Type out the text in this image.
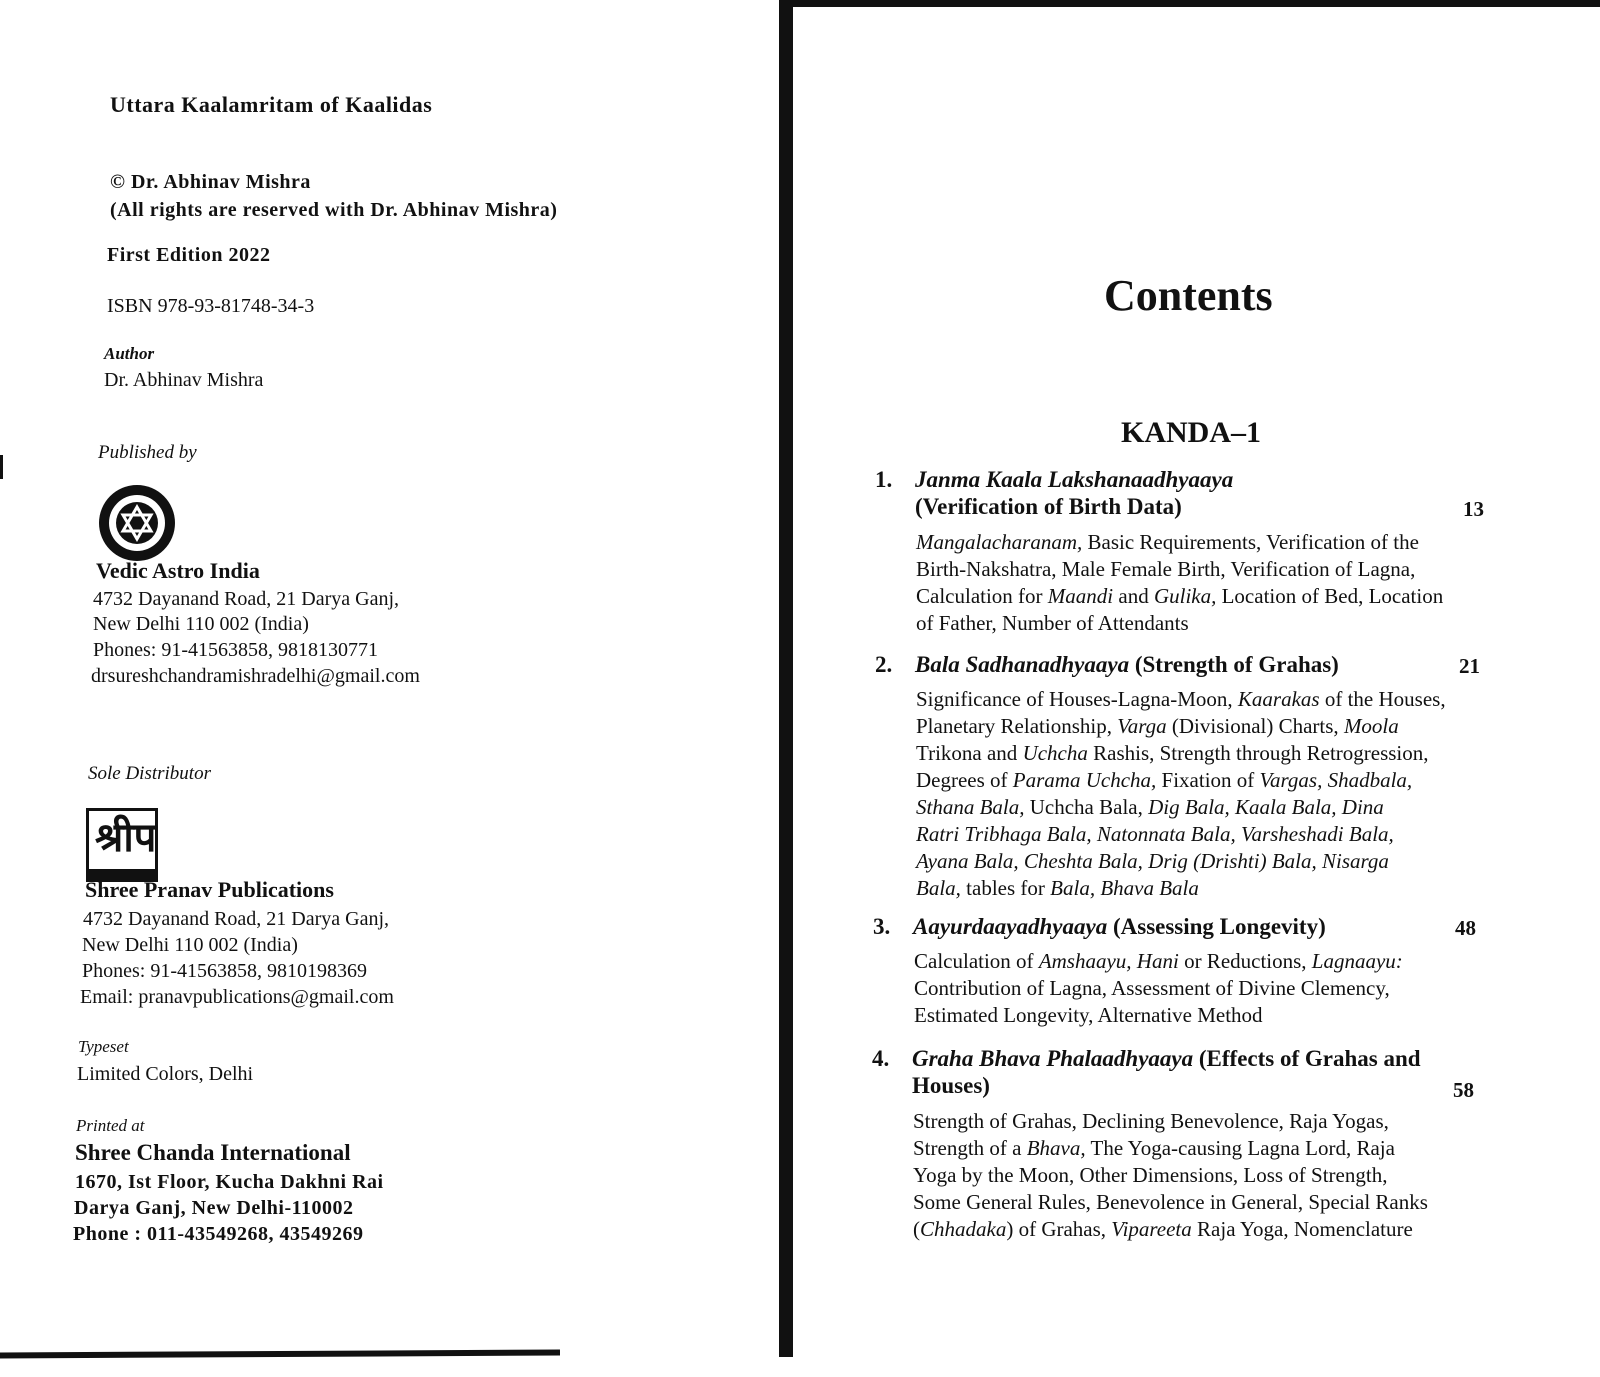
Uttara Kaalamritam of Kaalidas
© Dr. Abhinav Mishra
(All rights are reserved with Dr. Abhinav Mishra)
First Edition 2022
ISBN 978-93-81748-34-3
Author
Dr. Abhinav Mishra
Published by
Vedic Astro India
4732 Dayanand Road, 21 Darya Ganj,
New Delhi 110 002 (India)
Phones: 91-41563858, 9818130771
drsureshchandramishradelhi@gmail.com
Sole Distributor
श्रीप
Shree Pranav Publications
4732 Dayanand Road, 21 Darya Ganj,
New Delhi 110 002 (India)
Phones: 91-41563858, 9810198369
Email: pranavpublications@gmail.com
Typeset
Limited Colors, Delhi
Printed at
Shree Chanda International
1670, Ist Floor, Kucha Dakhni Rai
Darya Ganj, New Delhi-110002
Phone : 011-43549268, 43549269
Contents
KANDA–1
1. Janma Kaala Lakshanaadhyaaya
(Verification of Birth Data)	13
Mangalacharanam, Basic Requirements, Verification of the
Birth-Nakshatra, Male Female Birth, Verification of Lagna,
Calculation for Maandi and Gulika, Location of Bed, Location
of Father, Number of Attendants
2. Bala Sadhanadhyaaya (Strength of Grahas)	21
Significance of Houses-Lagna-Moon, Kaarakas of the Houses,
Planetary Relationship, Varga (Divisional) Charts, Moola
Trikona and Uchcha Rashis, Strength through Retrogression,
Degrees of Parama Uchcha, Fixation of Vargas, Shadbala,
Sthana Bala, Uchcha Bala, Dig Bala, Kaala Bala, Dina
Ratri Tribhaga Bala, Natonnata Bala, Varsheshadi Bala,
Ayana Bala, Cheshta Bala, Drig (Drishti) Bala, Nisarga
Bala, tables for Bala, Bhava Bala
3. Aayurdaayadhyaaya (Assessing Longevity)	48
Calculation of Amshaayu, Hani or Reductions, Lagnaayu:
Contribution of Lagna, Assessment of Divine Clemency,
Estimated Longevity, Alternative Method
4. Graha Bhava Phalaadhyaaya (Effects of Grahas and Houses)	58
Strength of Grahas, Declining Benevolence, Raja Yogas,
Strength of a Bhava, The Yoga-causing Lagna Lord, Raja
Yoga by the Moon, Other Dimensions, Loss of Strength,
Some General Rules, Benevolence in General, Special Ranks
(Chhadaka) of Grahas, Vipareeta Raja Yoga, Nomenclature
